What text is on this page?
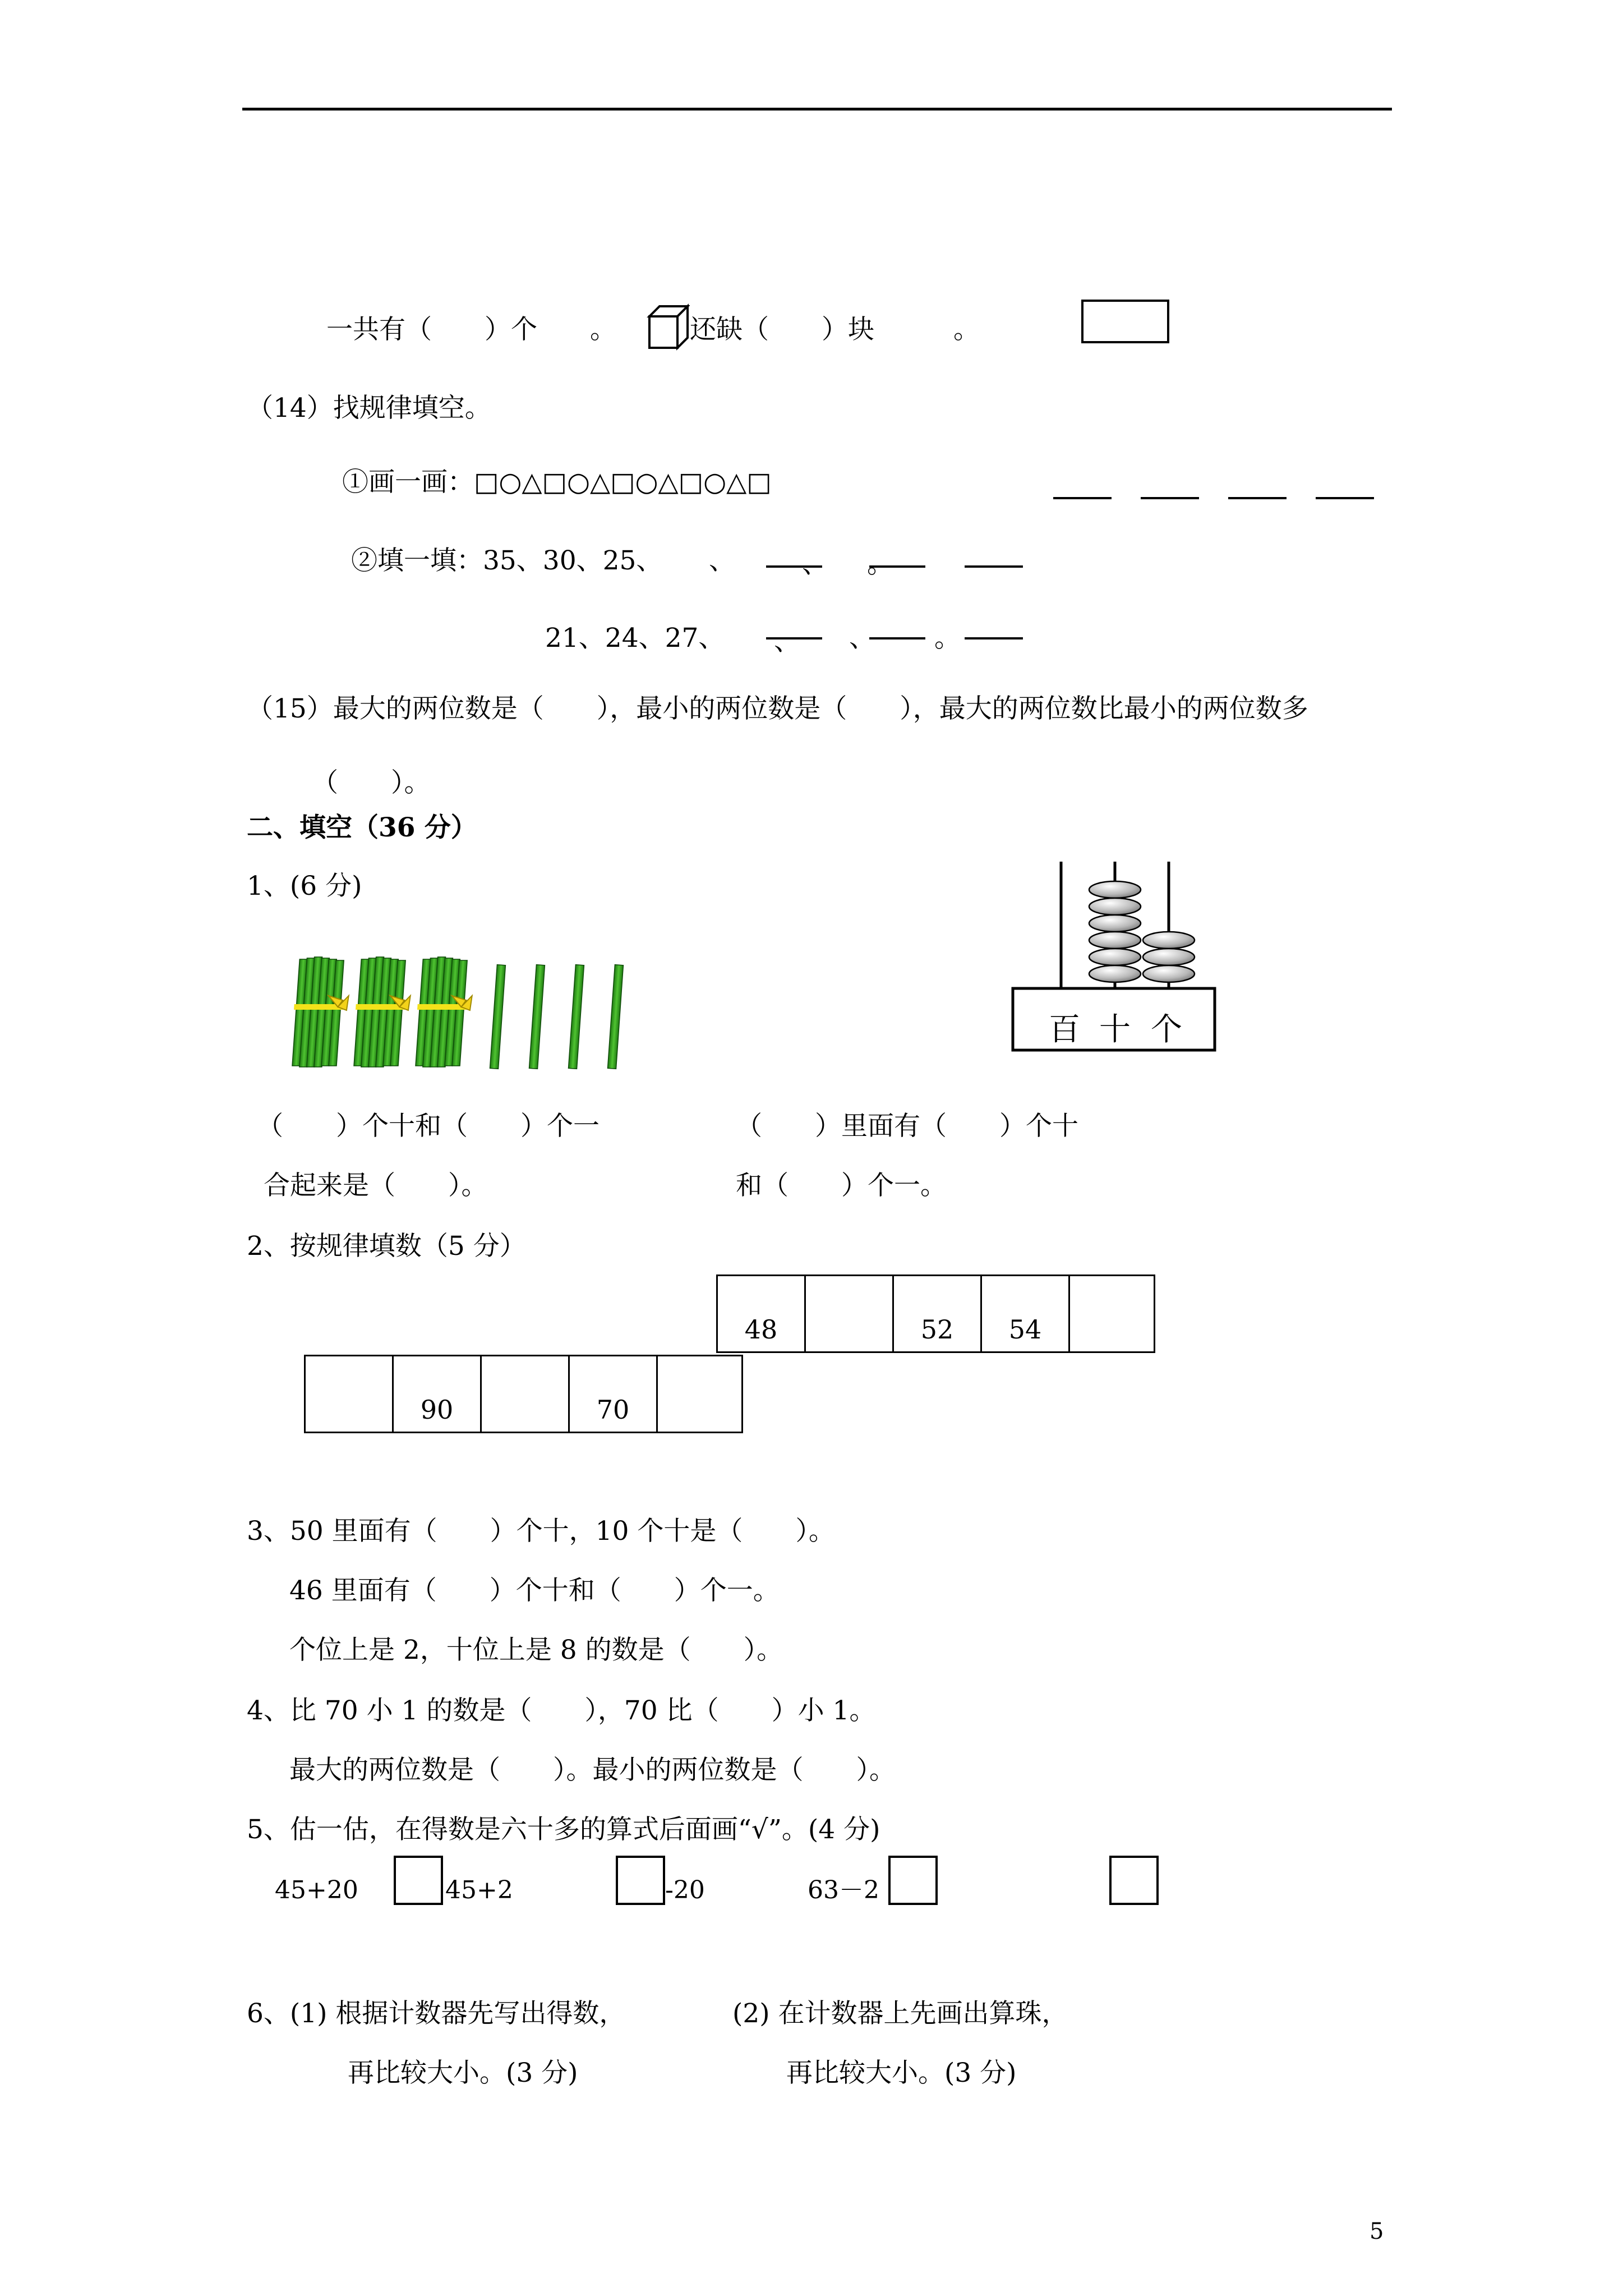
一共有（　　）个　　。	还缺（　　）块　　　。
（14）找规律填空。
①画一画：□○△□○△□○△□○△□
②填一填：35、30、25、 、	、 。
21、24、27、 、 、 。
（15）最大的两位数是（　　），最小的两位数是（　　），最大的两位数比最小的两位数多
（　　）。
二、填空（36 分）
1、(6 分)
百 十 个
（　　）个十和（　　）个一
合起来是（　　）。
（　　）里面有（　　）个十
和（　　）个一。
2、按规律填数（5 分）
48	52	54
90	70
3、50 里面有（　　）个十，10 个十是（　　）。
46 里面有（　　）个十和（　　）个一。
个位上是 2，十位上是 8 的数是（　　）。
4、比 70 小 1 的数是（　　），70 比（　　）小 1。
最大的两位数是（　　）。最小的两位数是（　　）。
5、估一估，在得数是六十多的算式后面画“√”。(4 分)
45+20	45+2	-20	63－2
6、(1) 根据计数器先写出得数，
再比较大小。(3 分)
(2) 在计数器上先画出算珠，
再比较大小。(3 分)
5
